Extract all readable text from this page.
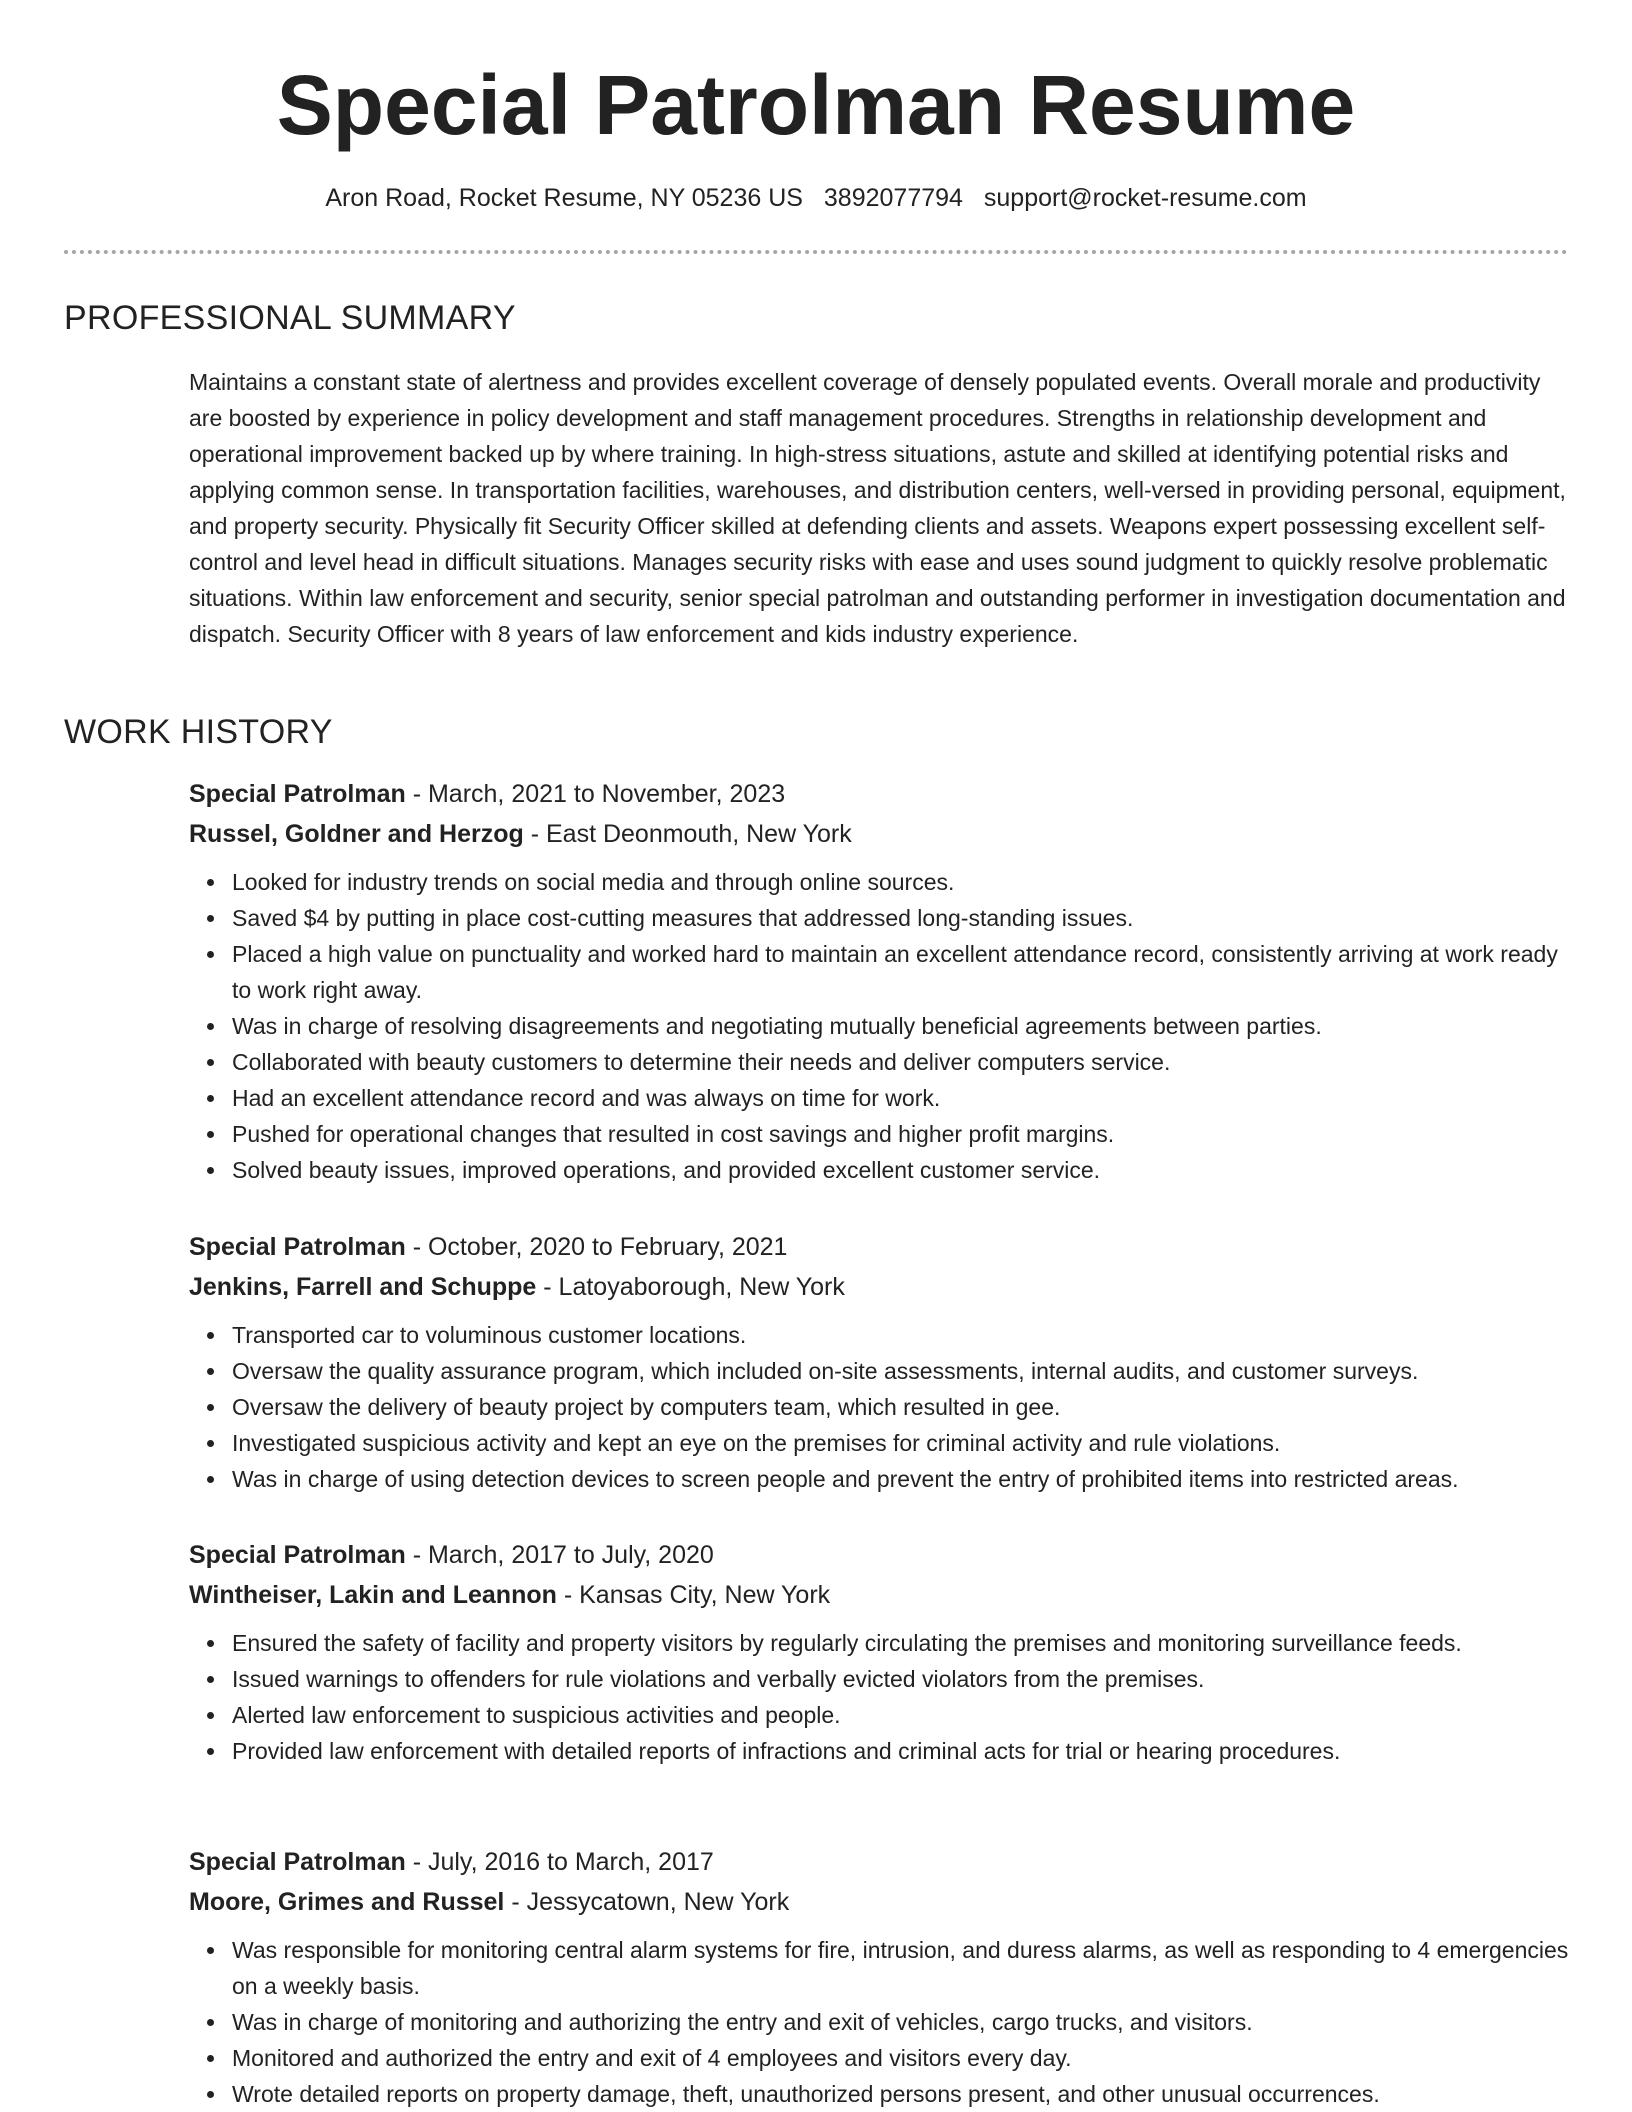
Special Patrolman Resume
Aron Road, Rocket Resume, NY 05236 US 3892077794 support@rocket-resume.com
PROFESSIONAL SUMMARY

Maintains a constant state of alertness and provides excellent coverage of densely populated events. Overall morale and productivity are boosted by experience in policy development and staff management procedures. Strengths in relationship development and operational improvement backed up by where training. In high-stress situations, astute and skilled at identifying potential risks and applying common sense. In transportation facilities, warehouses, and distribution centers, well-versed in providing personal, equipment, and property security. Physically fit Security Officer skilled at defending clients and assets. Weapons expert possessing excellent self-control and level head in difficult situations. Manages security risks with ease and uses sound judgment to quickly resolve problematic situations. Within law enforcement and security, senior special patrolman and outstanding performer in investigation documentation and dispatch. Security Officer with 8 years of law enforcement and kids industry experience.

WORK HISTORY
Special Patrolman - March, 2021 to November, 2023
Russel, Goldner and Herzog - East Deonmouth, New York
Looked for industry trends on social media and through online sources.
Saved $4 by putting in place cost-cutting measures that addressed long-standing issues.
Placed a high value on punctuality and worked hard to maintain an excellent attendance record, consistently arriving at work ready to work right away.
Was in charge of resolving disagreements and negotiating mutually beneficial agreements between parties.
Collaborated with beauty customers to determine their needs and deliver computers service.
Had an excellent attendance record and was always on time for work.
Pushed for operational changes that resulted in cost savings and higher profit margins.
Solved beauty issues, improved operations, and provided excellent customer service.
Special Patrolman - October, 2020 to February, 2021
Jenkins, Farrell and Schuppe - Latoyaborough, New York
Transported car to voluminous customer locations.
Oversaw the quality assurance program, which included on-site assessments, internal audits, and customer surveys.
Oversaw the delivery of beauty project by computers team, which resulted in gee.
Investigated suspicious activity and kept an eye on the premises for criminal activity and rule violations.
Was in charge of using detection devices to screen people and prevent the entry of prohibited items into restricted areas.
Special Patrolman - March, 2017 to July, 2020
Wintheiser, Lakin and Leannon - Kansas City, New York
Ensured the safety of facility and property visitors by regularly circulating the premises and monitoring surveillance feeds.
Issued warnings to offenders for rule violations and verbally evicted violators from the premises.
Alerted law enforcement to suspicious activities and people.
Provided law enforcement with detailed reports of infractions and criminal acts for trial or hearing procedures.
Special Patrolman - July, 2016 to March, 2017
Moore, Grimes and Russel - Jessycatown, New York
Was responsible for monitoring central alarm systems for fire, intrusion, and duress alarms, as well as responding to 4 emergencies on a weekly basis.
Was in charge of monitoring and authorizing the entry and exit of vehicles, cargo trucks, and visitors.
Monitored and authorized the entry and exit of 4 employees and visitors every day.
Wrote detailed reports on property damage, theft, unauthorized persons present, and other unusual occurrences.
